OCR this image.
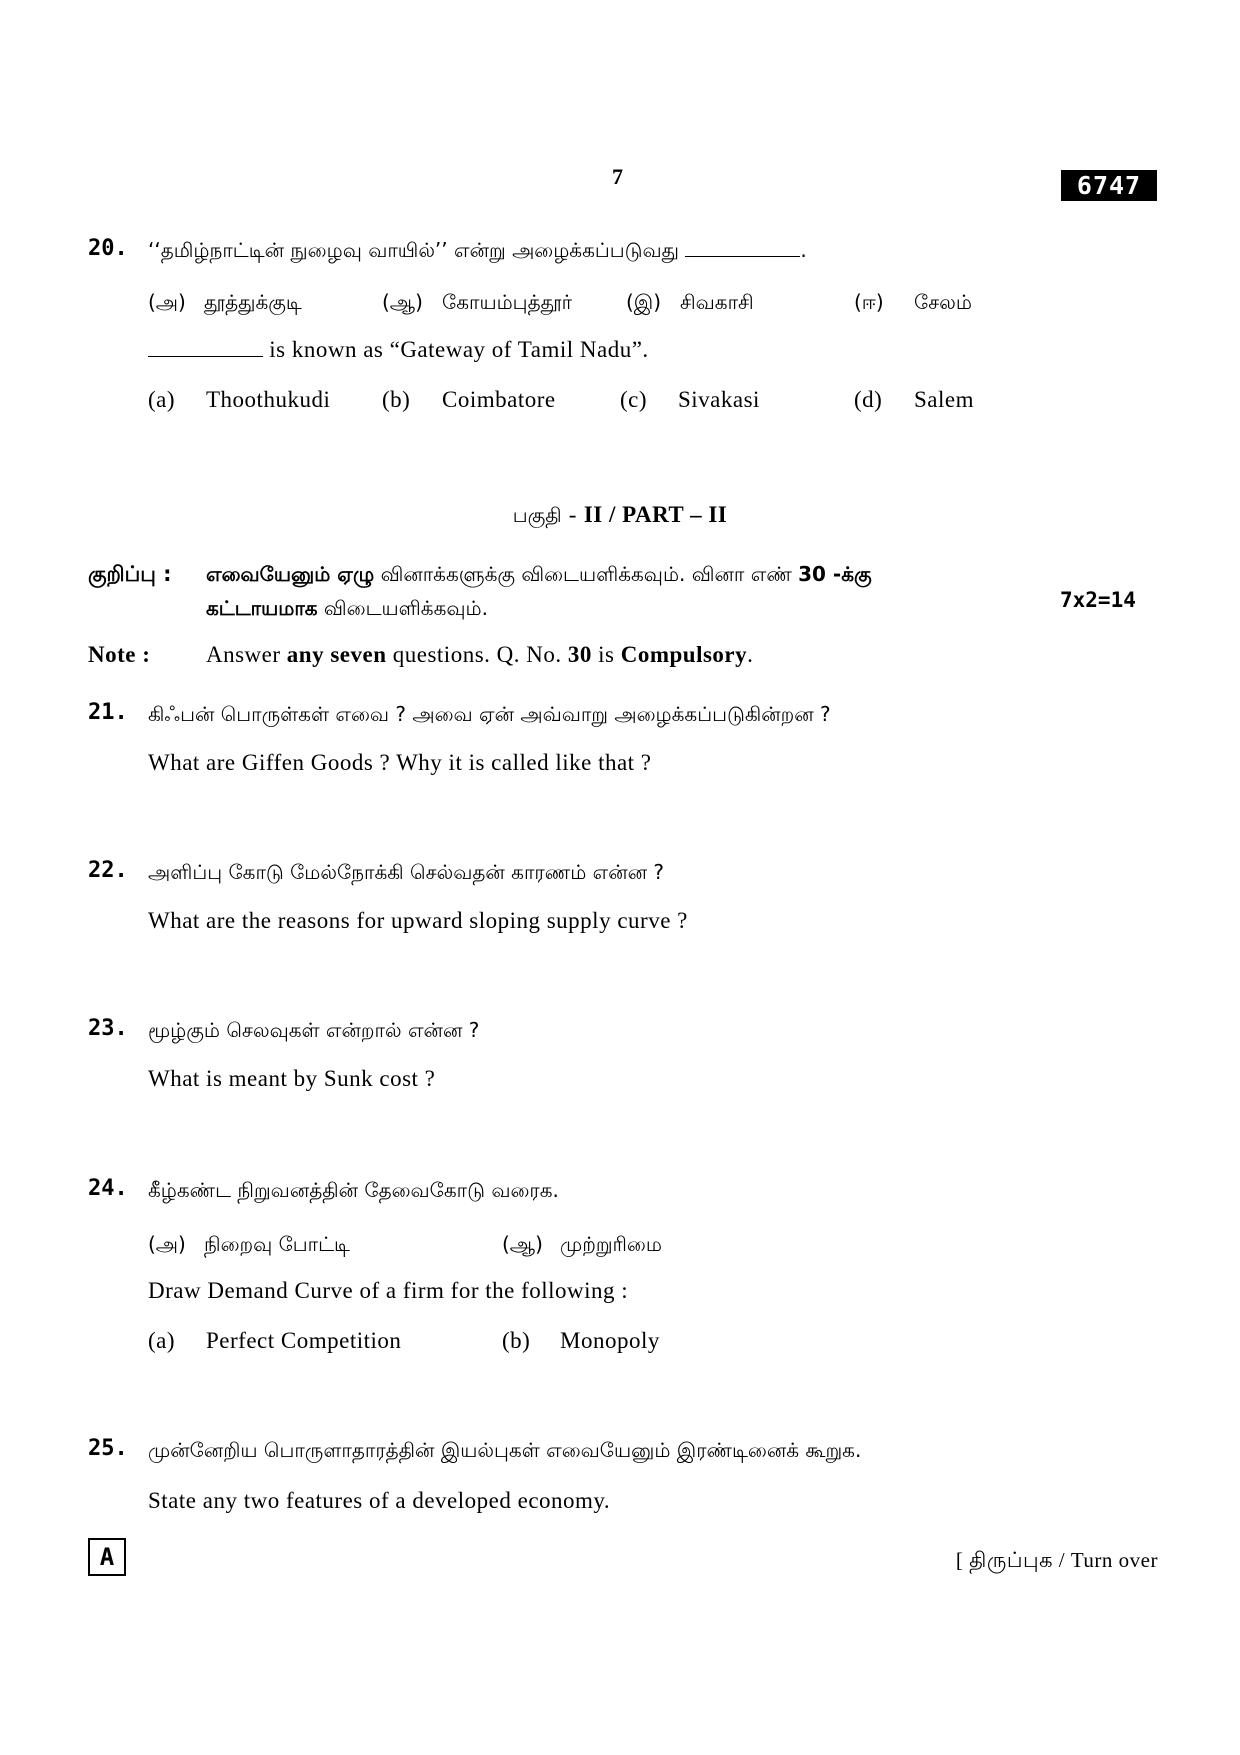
7	6747
20. ‘‘தமிழ்நாட்டின் நுழைவு வாயில்’’ என்று அழைக்கப்படுவது	.
(அ) தூத்துக்குடி	(ஆ) கோயம்புத்தூர்	(இ) சிவகாசி	(ஈ) சேலம்
is known as “Gateway of Tamil Nadu”.
(a) Thoothukudi (b) Coimbatore	(c) Sivakasi	(d) Salem
பகுதி - II / PART – II
குறிப்பு : எவையேனும் ஏழு வினாக்களுக்கு விடையளிக்கவும். வினா எண் 30 -க்கு
கட்டாயமாக விடையளிக்கவும்.	7x2=14
Note : Answer any seven questions. Q. No. 30 is Compulsory.
21. கிஃபன் பொருள்கள் எவை ? அவை ஏன் அவ்வாறு அழைக்கப்படுகின்றன ?
What are Giffen Goods ? Why it is called like that ?
22. அளிப்பு கோடு மேல்நோக்கி செல்வதன் காரணம் என்ன ?
What are the reasons for upward sloping supply curve ?
23. மூழ்கும் செலவுகள் என்றால் என்ன ?
What is meant by Sunk cost ?
24. கீழ்கண்ட நிறுவனத்தின் தேவைகோடு வரைக.
(அ) நிறைவு போட்டி	(ஆ) முற்றுரிமை
Draw Demand Curve of a firm for the following :
(a) Perfect Competition	(b) Monopoly
25. முன்னேறிய பொருளாதாரத்தின் இயல்புகள் எவையேனும் இரண்டினைக் கூறுக.
State any two features of a developed economy.
A	[ திருப்புக / Turn over
